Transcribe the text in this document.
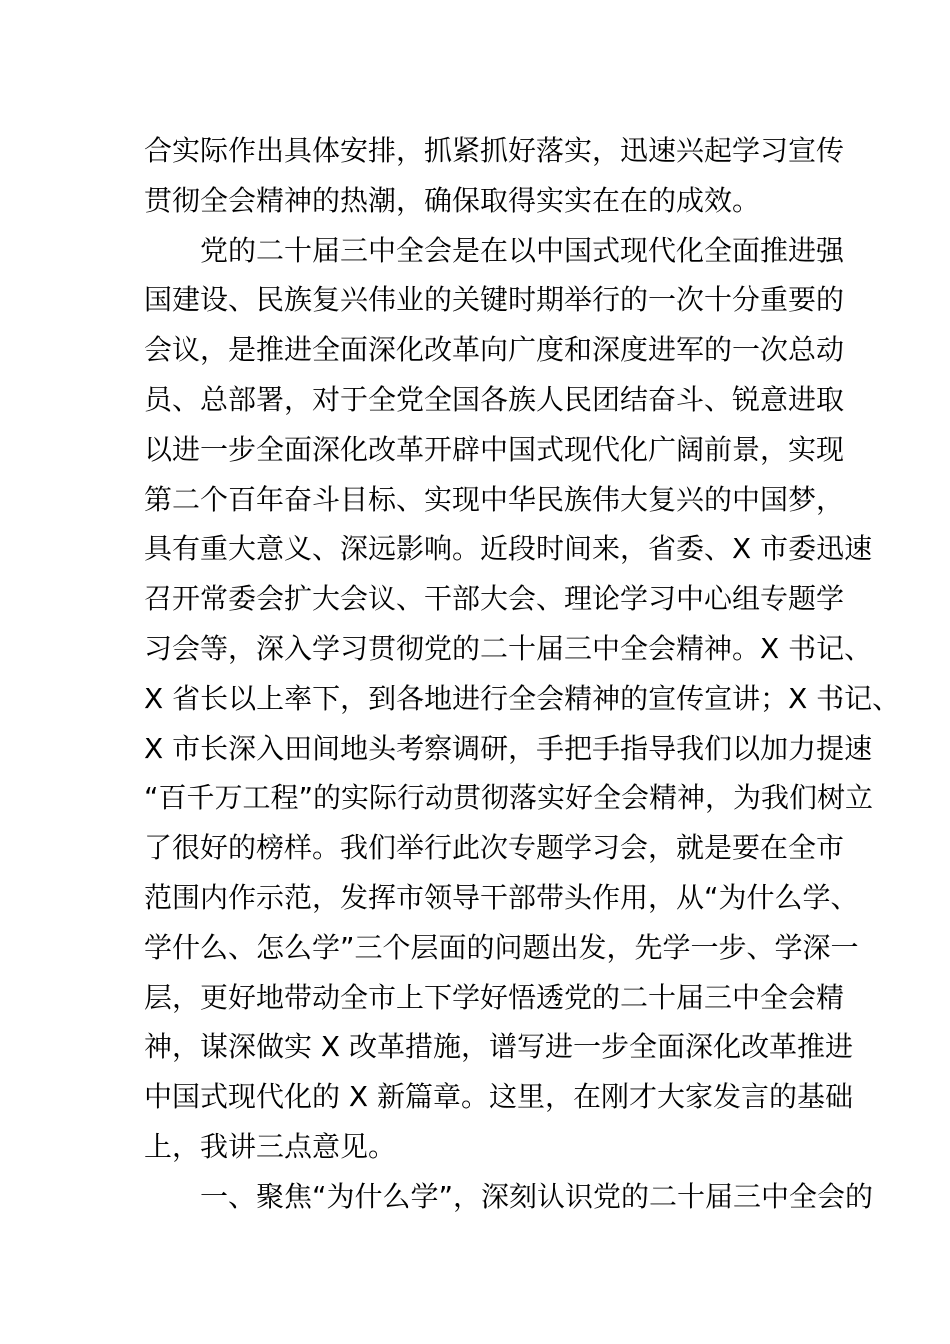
合实际作出具体安排，抓紧抓好落实，迅速兴起学习宣传
贯彻全会精神的热潮，确保取得实实在在的成效。
党的二十届三中全会是在以中国式现代化全面推进强
国建设、民族复兴伟业的关键时期举行的一次十分重要的
会议，是推进全面深化改革向广度和深度进军的一次总动
员、总部署，对于全党全国各族人民团结奋斗、锐意进取
以进一步全面深化改革开辟中国式现代化广阔前景，实现
第二个百年奋斗目标、实现中华民族伟大复兴的中国梦，
具有重大意义、深远影响。近段时间来，省委、X 市委迅速
召开常委会扩大会议、干部大会、理论学习中心组专题学
习会等，深入学习贯彻党的二十届三中全会精神。X 书记、
X 省长以上率下，到各地进行全会精神的宣传宣讲；X 书记、
X 市长深入田间地头考察调研，手把手指导我们以加力提速
“百千万工程”的实际行动贯彻落实好全会精神，为我们树立
了很好的榜样。我们举行此次专题学习会，就是要在全市
范围内作示范，发挥市领导干部带头作用，从“为什么学、
学什么、怎么学”三个层面的问题出发，先学一步、学深一
层，更好地带动全市上下学好悟透党的二十届三中全会精
神，谋深做实 X 改革措施，谱写进一步全面深化改革推进
中国式现代化的 X 新篇章。这里，在刚才大家发言的基础
上，我讲三点意见。
一、聚焦“为什么学”，深刻认识党的二十届三中全会的
